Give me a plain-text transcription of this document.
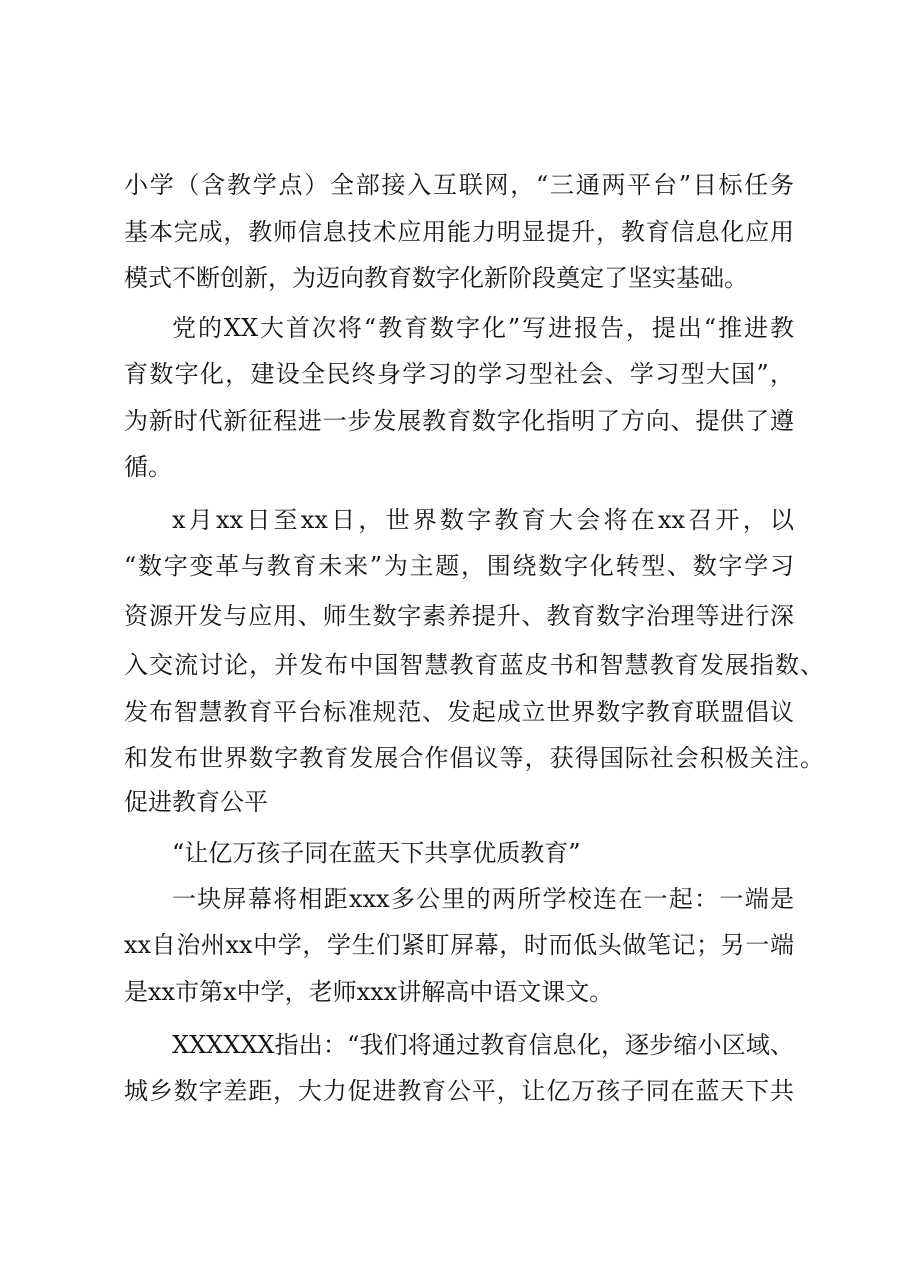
小学（含教学点）全部接入互联网，“三通两平台”目标任务
基本完成，教师信息技术应用能力明显提升，教育信息化应用
模式不断创新，为迈向教育数字化新阶段奠定了坚实基础。
党的XX大首次将“教育数字化”写进报告，提出“推进教
育数字化，建设全民终身学习的学习型社会、学习型大国”，
为新时代新征程进一步发展教育数字化指明了方向、提供了遵
循。
x月xx日至xx日，世界数字教育大会将在xx召开，以
“数字变革与教育未来”为主题，围绕数字化转型、数字学习
资源开发与应用、师生数字素养提升、教育数字治理等进行深
入交流讨论，并发布中国智慧教育蓝皮书和智慧教育发展指数、
发布智慧教育平台标准规范、发起成立世界数字教育联盟倡议
和发布世界数字教育发展合作倡议等，获得国际社会积极关注。
促进教育公平
“让亿万孩子同在蓝天下共享优质教育”
一块屏幕将相距xxx多公里的两所学校连在一起：一端是
xx自治州xx中学，学生们紧盯屏幕，时而低头做笔记；另一端
是xx市第x中学，老师xxx讲解高中语文课文。
XXXXXX指出：“我们将通过教育信息化，逐步缩小区域、
城乡数字差距，大力促进教育公平，让亿万孩子同在蓝天下共
